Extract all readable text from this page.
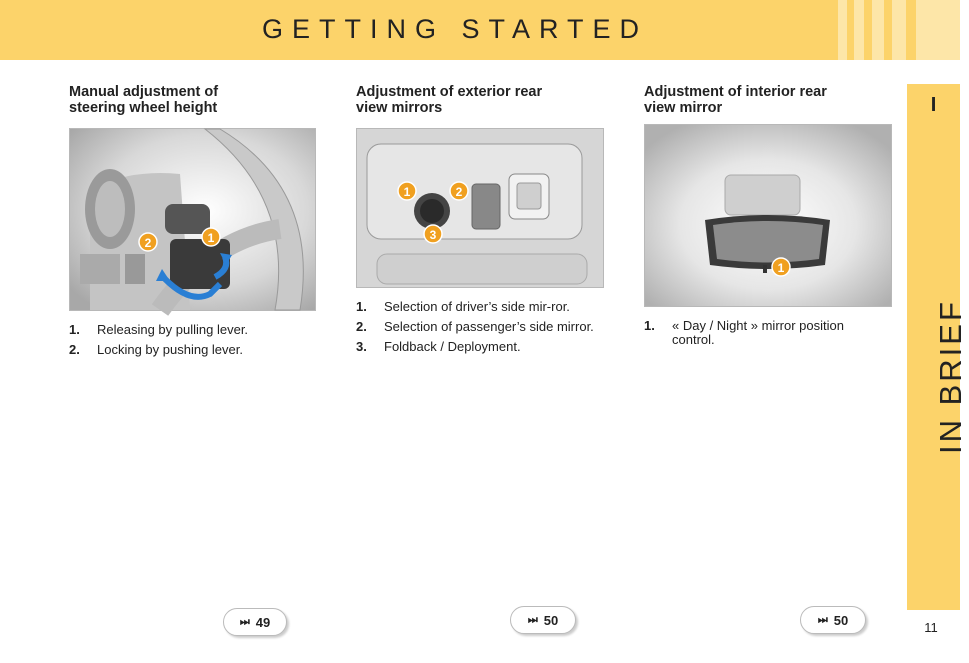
GETTING STARTED
I
IN BRIEF
Manual adjustment of
steering wheel height
2	1
1.	Releasing by pulling lever.
2.	Locking by pushing lever.
Adjustment of exterior rear
view mirrors
1	2
3
1.	Selection of driver’s side mir-ror.
2.	Selection of passenger’s side mirror.
3.	Foldback / Deployment.
Adjustment of interior rear
view mirror
1
1.	« Day / Night » mirror position control.
⏭ 49	⏭ 50	⏭ 50	11
